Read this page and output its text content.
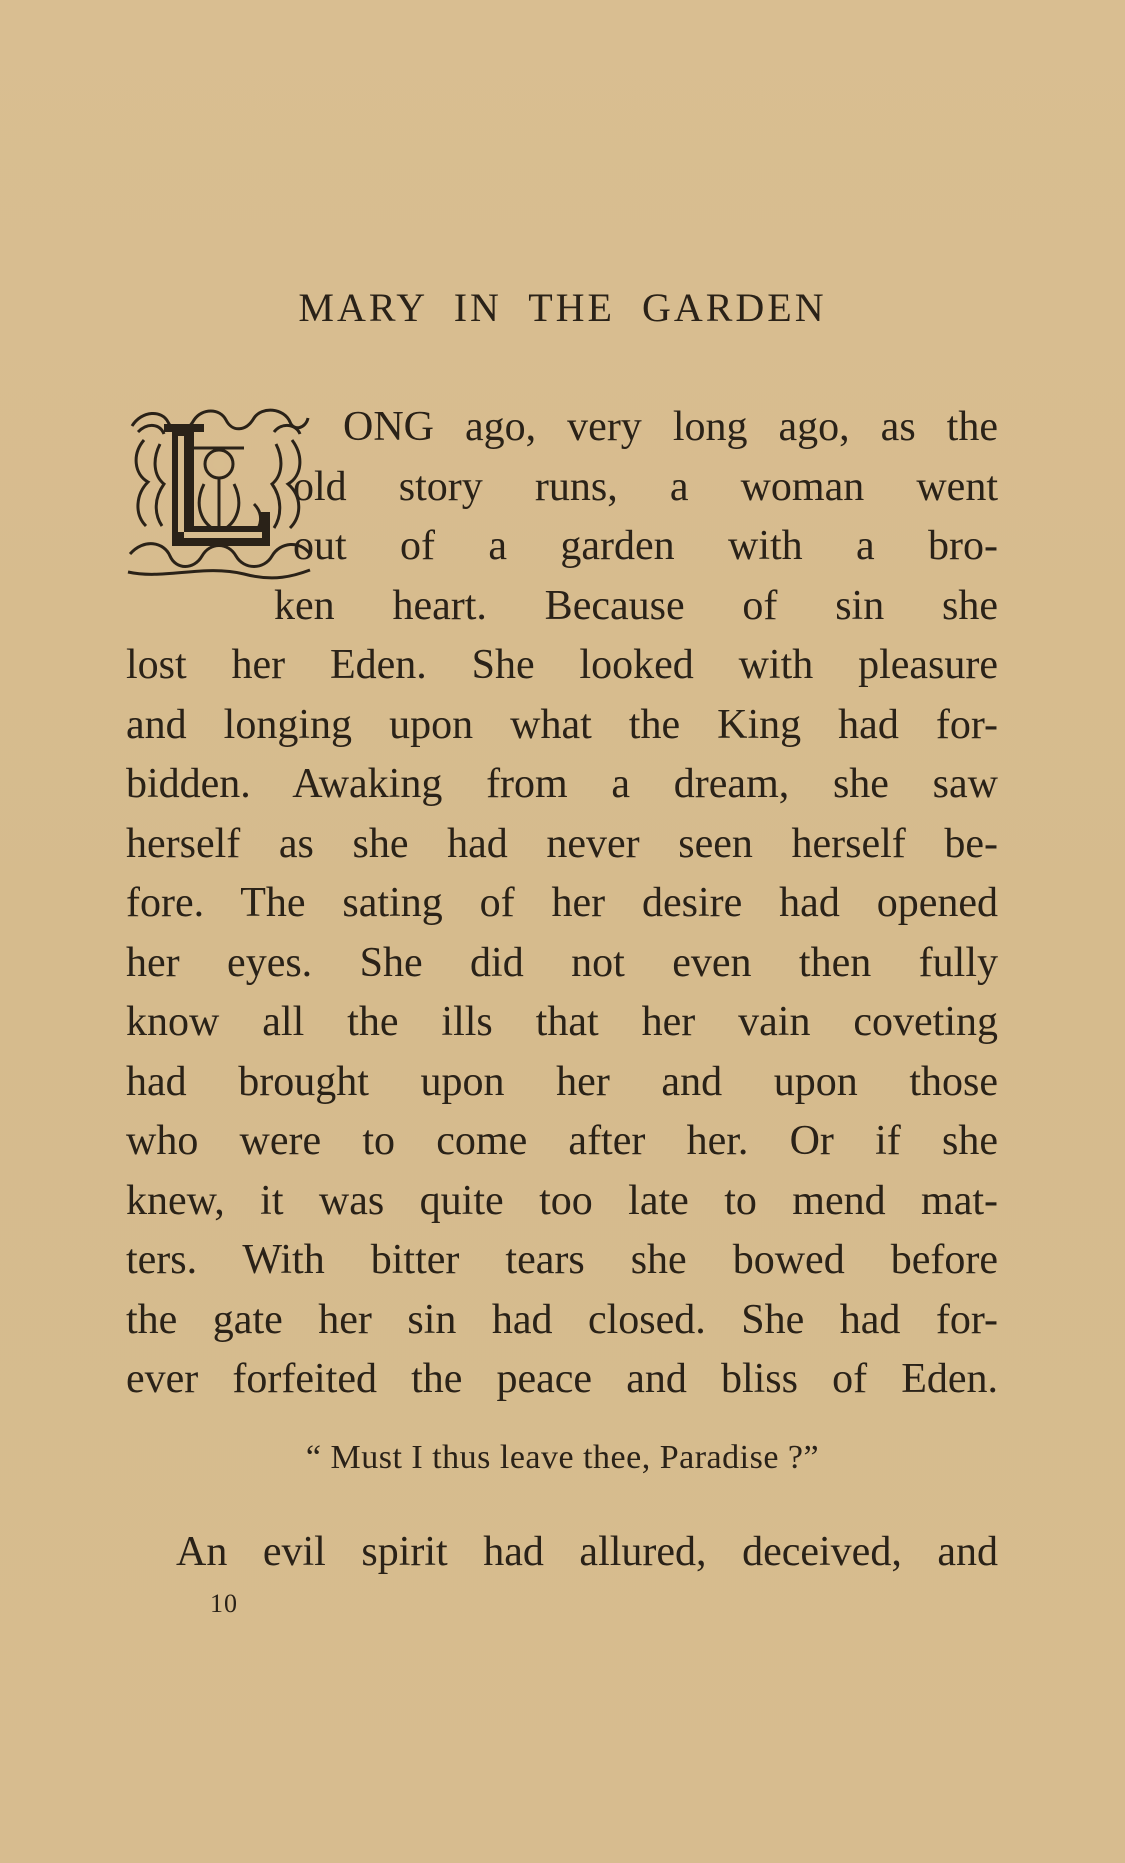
MARY IN THE GARDEN
ONG ago, very long ago, as the
old story runs, a woman went
out of a garden with a bro-
ken heart. Because of sin she
lost her Eden. She looked with pleasure
and longing upon what the King had for-
bidden. Awaking from a dream, she saw
herself as she had never seen herself be-
fore. The sating of her desire had opened
her eyes. She did not even then fully
know all the ills that her vain coveting
had brought upon her and upon those
who were to come after her. Or if she
knew, it was quite too late to mend mat-
ters. With bitter tears she bowed before
the gate her sin had closed. She had for-
ever forfeited the peace and bliss of Eden.
“ Must I thus leave thee, Paradise ?”
An evil spirit had allured, deceived, and
10
